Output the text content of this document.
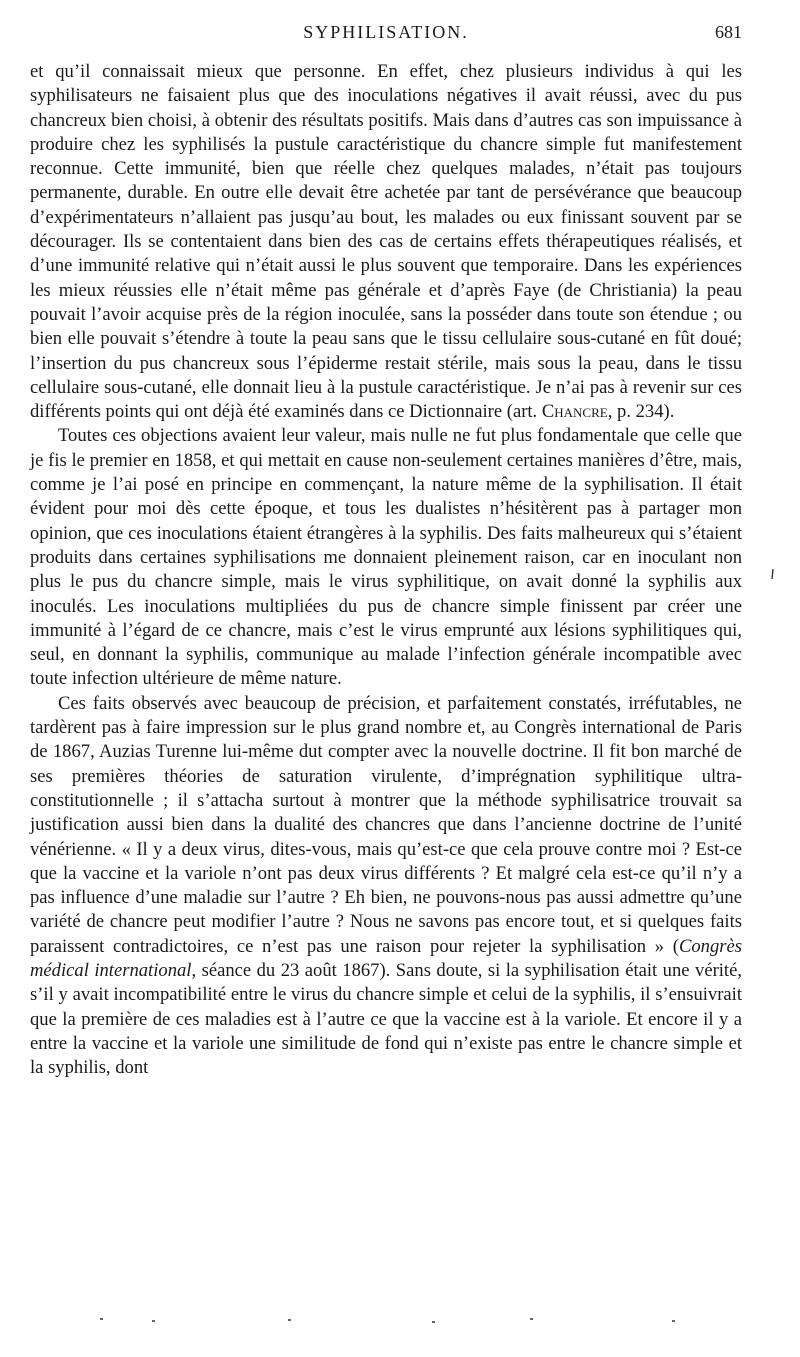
SYPHILISATION.	681

et qu’il connaissait mieux que personne. En effet, chez plusieurs individus à qui les syphilisateurs ne faisaient plus que des inoculations négatives il avait réussi, avec du pus chancreux bien choisi, à obtenir des résultats positifs. Mais dans d’autres cas son impuissance à produire chez les syphilisés la pustule caractéristique du chancre simple fut manifestement reconnue. Cette immunité, bien que réelle chez quelques malades, n’était pas toujours permanente, durable. En outre elle devait être achetée par tant de persévérance que beaucoup d’expérimentateurs n’allaient pas jusqu’au bout, les malades ou eux finissant souvent par se décourager. Ils se contentaient dans bien des cas de certains effets thérapeutiques réalisés, et d’une immunité relative qui n’était aussi le plus souvent que temporaire. Dans les expériences les mieux réussies elle n’était même pas générale et d’après Faye (de Christiania) la peau pouvait l’avoir acquise près de la région inoculée, sans la posséder dans toute son étendue ; ou bien elle pouvait s’étendre à toute la peau sans que le tissu cellulaire sous-cutané en fût doué; l’insertion du pus chancreux sous l’épiderme restait stérile, mais sous la peau, dans le tissu cellulaire sous-cutané, elle donnait lieu à la pustule caractéristique. Je n’ai pas à revenir sur ces différents points qui ont déjà été examinés dans ce Dictionnaire (art. Chancre, p. 234).

Toutes ces objections avaient leur valeur, mais nulle ne fut plus fondamentale que celle que je fis le premier en 1858, et qui mettait en cause non-seulement certaines manières d’être, mais, comme je l’ai posé en principe en commençant, la nature même de la syphilisation. Il était évident pour moi dès cette époque, et tous les dualistes n’hésitèrent pas à partager mon opinion, que ces inoculations étaient étrangères à la syphilis. Des faits malheureux qui s’étaient produits dans certaines syphilisations me donnaient pleinement raison, car en inoculant non plus le pus du chancre simple, mais le virus syphilitique, on avait donné la syphilis aux inoculés. Les inoculations multipliées du pus de chancre simple finissent par créer une immunité à l’égard de ce chancre, mais c’est le virus emprunté aux lésions syphilitiques qui, seul, en donnant la syphilis, communique au malade l’infection générale incompatible avec toute infection ultérieure de même nature.

Ces faits observés avec beaucoup de précision, et parfaitement constatés, irréfutables, ne tardèrent pas à faire impression sur le plus grand nombre et, au Congrès international de Paris de 1867, Auzias Turenne lui-même dut compter avec la nouvelle doctrine. Il fit bon marché de ses premières théories de saturation virulente, d’imprégnation syphilitique ultra-constitutionnelle ; il s’attacha surtout à montrer que la méthode syphilisatrice trouvait sa justification aussi bien dans la dualité des chancres que dans l’ancienne doctrine de l’unité vénérienne. « Il y a deux virus, dites-vous, mais qu’est-ce que cela prouve contre moi ? Est-ce que la vaccine et la variole n’ont pas deux virus différents ? Et malgré cela est-ce qu’il n’y a pas influence d’une maladie sur l’autre ? Eh bien, ne pouvons-nous pas aussi admettre qu’une variété de chancre peut modifier l’autre ? Nous ne savons pas encore tout, et si quelques faits paraissent contradictoires, ce n’est pas une raison pour rejeter la syphilisation » (Congrès médical international, séance du 23 août 1867). Sans doute, si la syphilisation était une vérité, s’il y avait incompatibilité entre le virus du chancre simple et celui de la syphilis, il s’ensuivrait que la première de ces maladies est à l’autre ce que la vaccine est à la variole. Et encore il y a entre la vaccine et la variole une similitude de fond qui n’existe pas entre le chancre simple et la syphilis, dont
